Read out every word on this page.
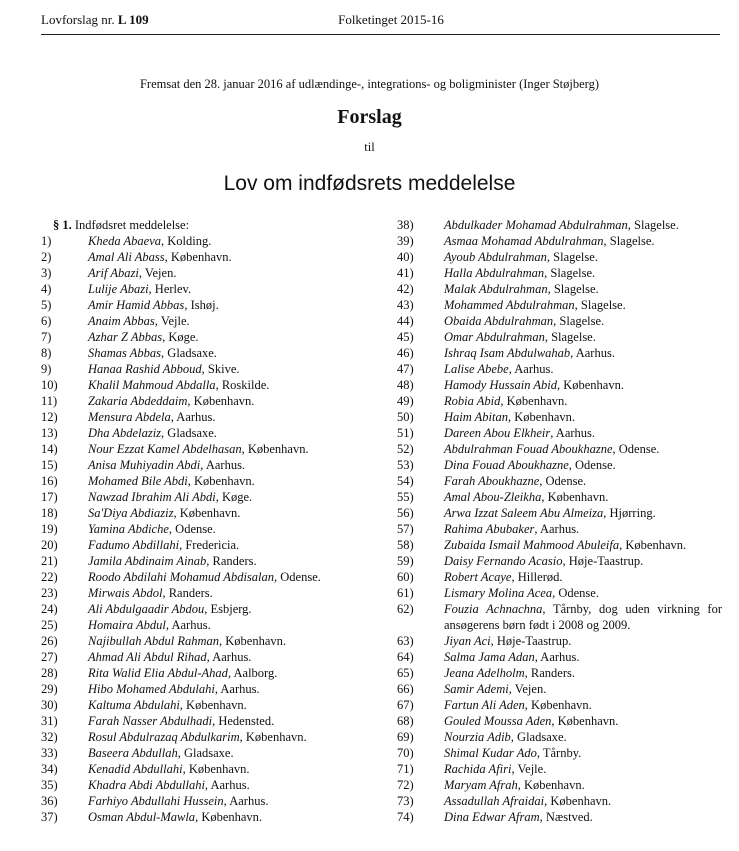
Lovforslag nr. L 109	Folketinget 2015-16
Fremsat den 28. januar 2016 af udlændinge-, integrations- og boligminister (Inger Støjberg)
Forslag
til
Lov om indfødsrets meddelelse
§ 1. Indfødsret meddelelse:
1)	Kheda Abaeva, Kolding.
2)	Amal Ali Abass, København.
3)	Arif Abazi, Vejen.
4)	Lulije Abazi, Herlev.
5)	Amir Hamid Abbas, Ishøj.
6)	Anaim Abbas, Vejle.
7)	Azhar Z Abbas, Køge.
8)	Shamas Abbas, Gladsaxe.
9)	Hanaa Rashid Abboud, Skive.
10) Khalil Mahmoud Abdalla, Roskilde.
11) Zakaria Abdeddaim, København.
12) Mensura Abdela, Aarhus.
13) Dha Abdelaziz, Gladsaxe.
14) Nour Ezzat Kamel Abdelhasan, København.
15) Anisa Muhiyadin Abdi, Aarhus.
16) Mohamed Bile Abdi, København.
17) Nawzad Ibrahim Ali Abdi, Køge.
18) Sa'Diya Abdiaziz, København.
19) Yamina Abdiche, Odense.
20) Fadumo Abdillahi, Fredericia.
21) Jamila Abdinaim Ainab, Randers.
22) Roodo Abdilahi Mohamud Abdisalan, Odense.
23) Mirwais Abdol, Randers.
24) Ali Abdulgaadir Abdou, Esbjerg.
25) Homaira Abdul, Aarhus.
26) Najibullah Abdul Rahman, København.
27) Ahmad Ali Abdul Rihad, Aarhus.
28) Rita Walid Elia Abdul-Ahad, Aalborg.
29) Hibo Mohamed Abdulahi, Aarhus.
30) Kaltuma Abdulahi, København.
31) Farah Nasser Abdulhadi, Hedensted.
32) Rosul Abdulrazaq Abdulkarim, København.
33) Baseera Abdullah, Gladsaxe.
34) Kenadid Abdullahi, København.
35) Khadra Abdi Abdullahi, Aarhus.
36) Farhiyo Abdullahi Hussein, Aarhus.
37) Osman Abdul-Mawla, København.
38) Abdulkader Mohamad Abdulrahman, Slagelse.
39) Asmaa Mohamad Abdulrahman, Slagelse.
40) Ayoub Abdulrahman, Slagelse.
41) Halla Abdulrahman, Slagelse.
42) Malak Abdulrahman, Slagelse.
43) Mohammed Abdulrahman, Slagelse.
44) Obaida Abdulrahman, Slagelse.
45) Omar Abdulrahman, Slagelse.
46) Ishraq Isam Abdulwahab, Aarhus.
47) Lalise Abebe, Aarhus.
48) Hamody Hussain Abid, København.
49) Robia Abid, København.
50) Haim Abitan, København.
51) Dareen Abou Elkheir, Aarhus.
52) Abdulrahman Fouad Aboukhazne, Odense.
53) Dina Fouad Aboukhazne, Odense.
54) Farah Aboukhazne, Odense.
55) Amal Abou-Zleikha, København.
56) Arwa Izzat Saleem Abu Almeiza, Hjørring.
57) Rahima Abubaker, Aarhus.
58) Zubaida Ismail Mahmood Abuleifa, København.
59) Daisy Fernando Acasio, Høje-Taastrup.
60) Robert Acaye, Hillerød.
61) Lismary Molina Acea, Odense.
62) Fouzia Achnachna, Tårnby, dog uden virkning for ansøgerens børn født i 2008 og 2009.
63) Jiyan Aci, Høje-Taastrup.
64) Salma Jama Adan, Aarhus.
65) Jeana Adelholm, Randers.
66) Samir Ademi, Vejen.
67) Fartun Ali Aden, København.
68) Gouled Moussa Aden, København.
69) Nourzia Adib, Gladsaxe.
70) Shimal Kudar Ado, Tårnby.
71) Rachida Afiri, Vejle.
72) Maryam Afrah, København.
73) Assadullah Afraidai, København.
74) Dina Edwar Afram, Næstved.
